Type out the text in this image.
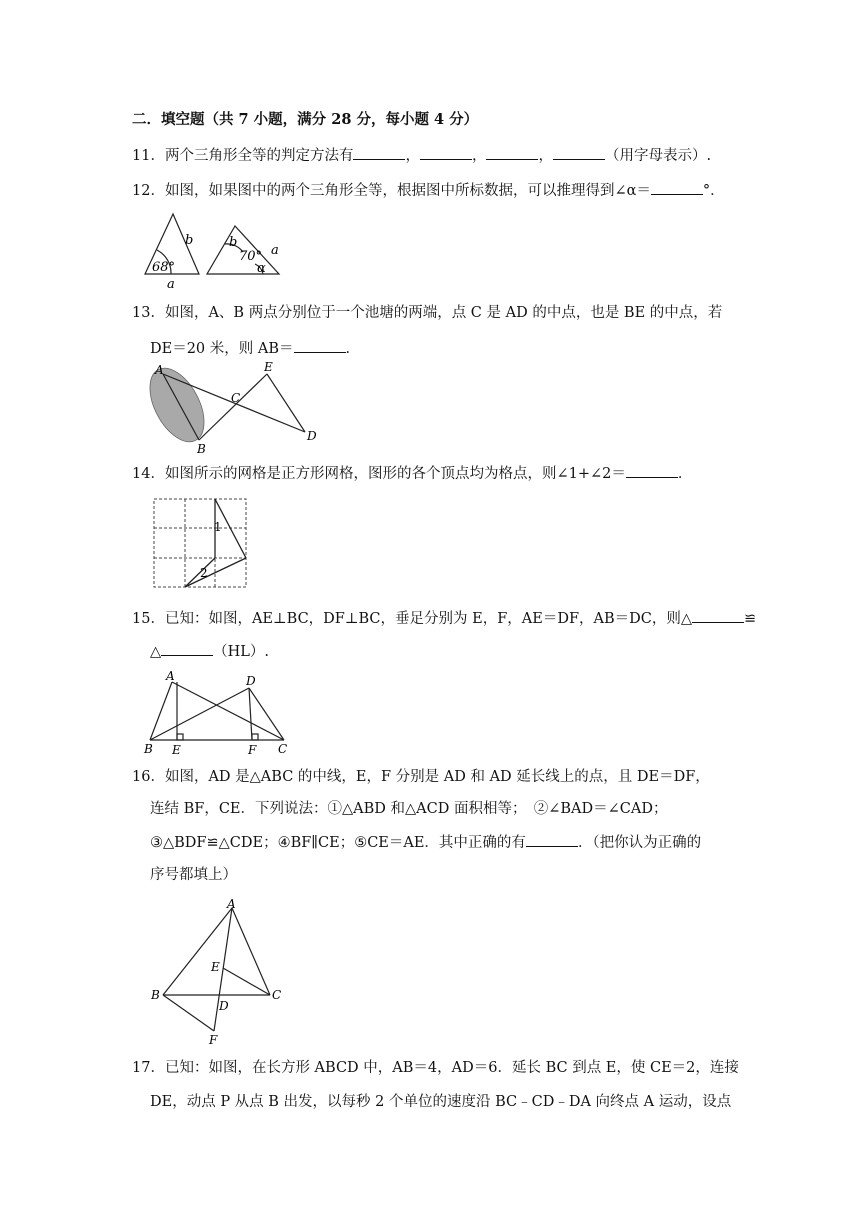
二．填空题（共 7 小题，满分 28 分，每小题 4 分）
11．两个三角形全等的判定方法有	，	，	，	（用字母表示）.
12．如图，如果图中的两个三角形全等，根据图中所标数据，可以推理得到∠α＝	°．
b
68°
a
b
70° a
α
13．如图，A、B 两点分别位于一个池塘的两端，点 C 是 AD 的中点，也是 BE 的中点，若
DE＝20 米，则 AB＝	．
A
B
C
D
E
14．如图所示的网格是正方形网格，图形的各个顶点均为格点，则∠1+∠2＝	．
1
2
15．已知：如图，AE⊥BC，DF⊥BC，垂足分别为 E，F，AE＝DF，AB＝DC，则△	≌
△	（HL）.
A
B	C
D
E	F
16．如图，AD 是△ABC 的中线，E，F 分别是 AD 和 AD 延长线上的点，且 DE＝DF，
连结 BF，CE．下列说法：①△ABD 和△ACD 面积相等；　②∠BAD＝∠CAD；
③△BDF≌△CDE；④BF∥CE；⑤CE＝AE．其中正确的有	．（把你认为正确的
序号都填上）
A
B	C
D
E
F
17．已知：如图，在长方形 ABCD 中，AB＝4，AD＝6．延长 BC 到点 E，使 CE＝2，连接
DE，动点 P 从点 B 出发，以每秒 2 个单位的速度沿 BC﹣CD﹣DA 向终点 A 运动，设点
